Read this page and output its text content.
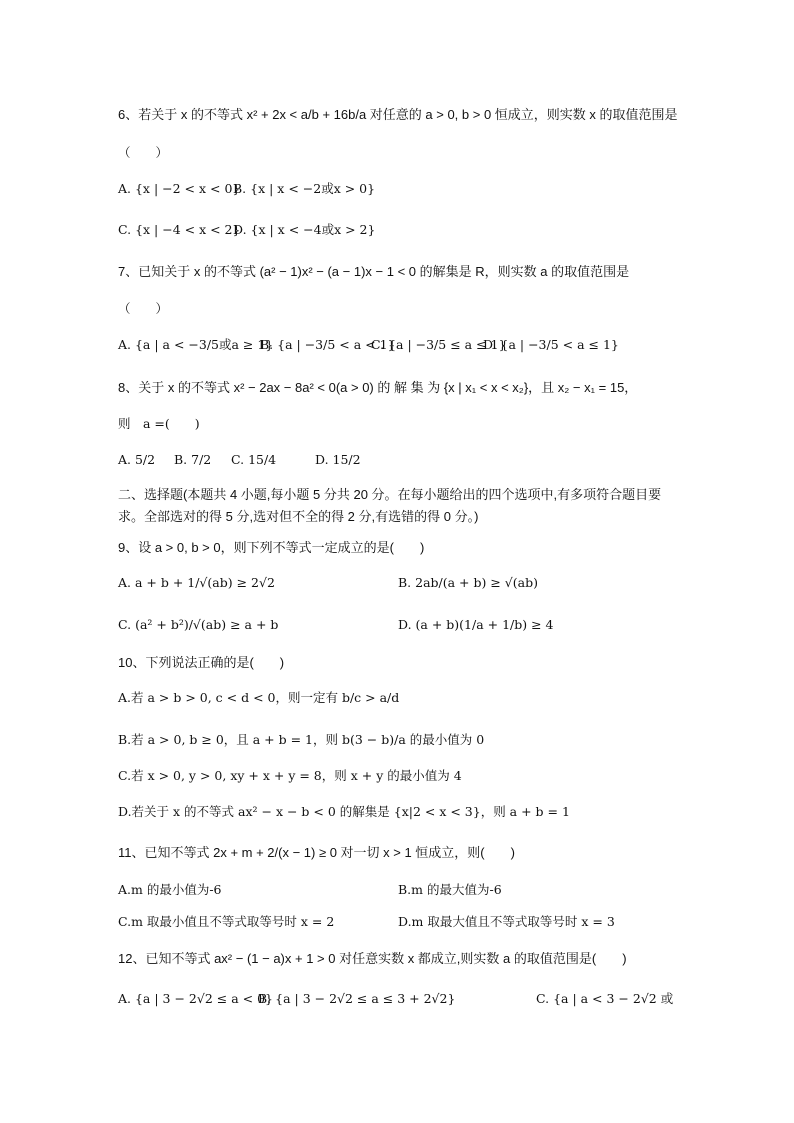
6、若关于 x 的不等式 x² + 2x < a/b + 16b/a 对任意的 a > 0, b > 0 恒成立，则实数 x 的取值范围是
（　　）
A. {x | −2 < x < 0}
B. {x | x < −2或x > 0}
C. {x | −4 < x < 2}
D. {x | x < −4或x > 2}
7、已知关于 x 的不等式 (a² − 1)x² − (a − 1)x − 1 < 0 的解集是 R，则实数 a 的取值范围是
（　　）
A. {a | a < −3/5或a ≥ 1}
B. {a | −3/5 < a < 1}
C. {a | −3/5 ≤ a ≤ 1}
D. {a | −3/5 < a ≤ 1}
8、关于 x 的不等式 x² − 2ax − 8a² < 0(a > 0) 的 解 集 为 {x | x₁ < x < x₂}，且 x₂ − x₁ = 15，
则　a =(　　)
A. 5/2 B. 7/2 C. 15/4	D. 15/2
二、选择题(本题共 4 小题,每小题 5 分共 20 分。在每小题给出的四个选项中,有多项符合题目要求。全部选对的得 5 分,选对但不全的得 2 分,有选错的得 0 分。)
9、设 a > 0, b > 0，则下列不等式一定成立的是(　　)
A. a + b + 1/√(ab) ≥ 2√2	B. 2ab/(a + b) ≥ √(ab)
C. (a² + b²)/√(ab) ≥ a + b	D. (a + b)(1/a + 1/b) ≥ 4
10、下列说法正确的是(　　)
A.若 a > b > 0, c < d < 0，则一定有 b/c > a/d
B.若 a > 0, b ≥ 0，且 a + b = 1，则 b(3 − b)/a 的最小值为 0
C.若 x > 0, y > 0, xy + x + y = 8，则 x + y 的最小值为 4
D.若关于 x 的不等式 ax² − x − b < 0 的解集是 {x|2 < x < 3}，则 a + b = 1
11、已知不等式 2x + m + 2/(x − 1) ≥ 0 对一切 x > 1 恒成立，则(　　)
A.m 的最小值为-6	B.m 的最大值为-6
C.m 取最小值且不等式取等号时 x = 2	D.m 取最大值且不等式取等号时 x = 3
12、已知不等式 ax² − (1 − a)x + 1 > 0 对任意实数 x 都成立,则实数 a 的取值范围是(　　)
A. {a | 3 − 2√2 ≤ a < 0}
B. {a | 3 − 2√2 ≤ a ≤ 3 + 2√2}	C. {a | a < 3 − 2√2 或
